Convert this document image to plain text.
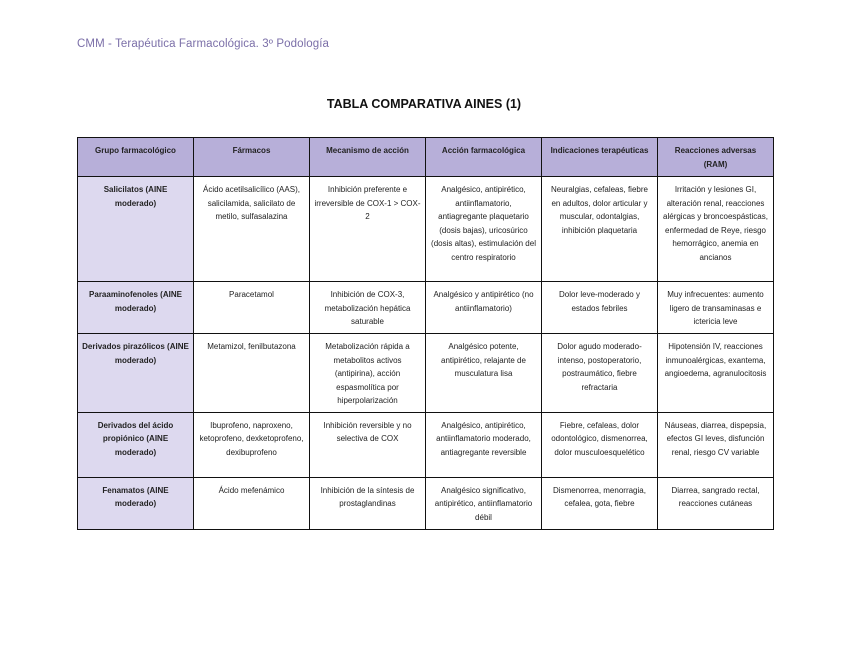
CMM - Terapéutica Farmacológica. 3º Podología
TABLA COMPARATIVA AINES (1)
Grupo farmacológico	Fármacos	Mecanismo de acción	Acción farmacológica	Indicaciones terapéuticas	Reacciones adversas (RAM)
Salicilatos (AINE moderado)	Ácido acetilsalicílico (AAS), salicilamida, salicilato de metilo, sulfasalazina	Inhibición preferente e irreversible de COX-1 > COX-2	Analgésico, antipirético, antiinflamatorio, antiagregante plaquetario (dosis bajas), uricosúrico (dosis altas), estimulación del centro respiratorio	Neuralgias, cefaleas, fiebre en adultos, dolor articular y muscular, odontalgias, inhibición plaquetaria	Irritación y lesiones GI, alteración renal, reacciones alérgicas y broncoespásticas, enfermedad de Reye, riesgo hemorrágico, anemia en ancianos
Paraaminofenoles (AINE moderado)	Paracetamol	Inhibición de COX-3, metabolización hepática saturable	Analgésico y antipirético (no antiinflamatorio)	Dolor leve-moderado y estados febriles	Muy infrecuentes: aumento ligero de transaminasas e ictericia leve
Derivados pirazólicos (AINE moderado)	Metamizol, fenilbutazona	Metabolización rápida a metabolitos activos (antipirina), acción espasmolítica por hiperpolarización	Analgésico potente, antipirético, relajante de musculatura lisa	Dolor agudo moderado-intenso, postoperatorio, postraumático, fiebre refractaria	Hipotensión IV, reacciones inmunoalérgicas, exantema, angioedema, agranulocitosis
Derivados del ácido propiónico (AINE moderado)	Ibuprofeno, naproxeno, ketoprofeno, dexketoprofeno, dexibuprofeno	Inhibición reversible y no selectiva de COX	Analgésico, antipirético, antiinflamatorio moderado, antiagregante reversible	Fiebre, cefaleas, dolor odontológico, dismenorrea, dolor musculoesquelético	Náuseas, diarrea, dispepsia, efectos GI leves, disfunción renal, riesgo CV variable
Fenamatos (AINE moderado)	Ácido mefenámico	Inhibición de la síntesis de prostaglandinas	Analgésico significativo, antipirético, antiinflamatorio débil	Dismenorrea, menorragia, cefalea, gota, fiebre	Diarrea, sangrado rectal, reacciones cutáneas
